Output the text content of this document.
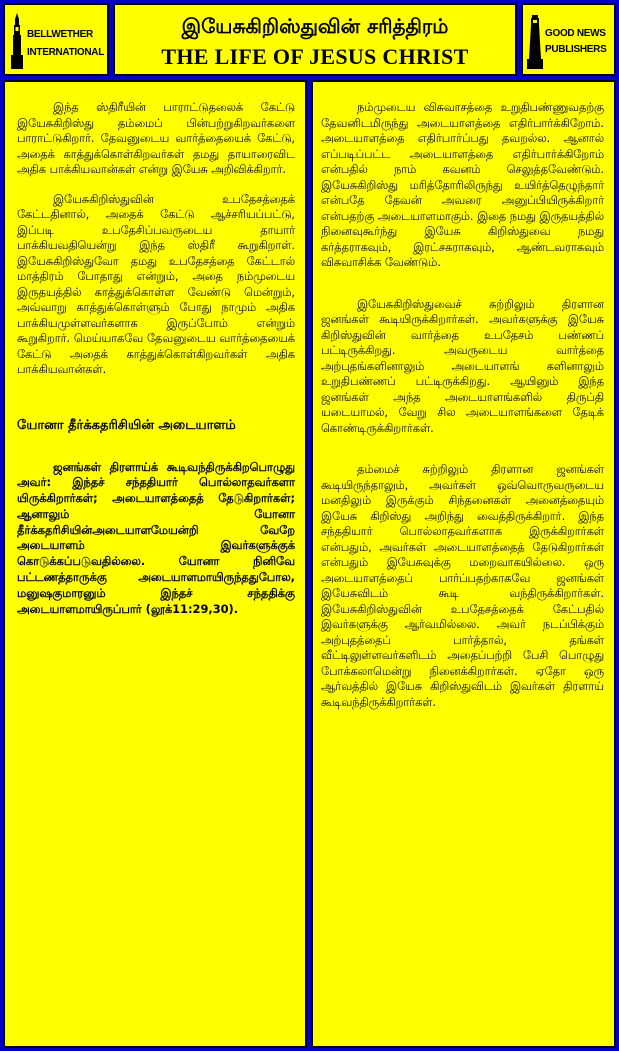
BELLWETHER
INTERNATIONAL
இயேசுகிறிஸ்துவின் சரித்திரம்
THE LIFE OF JESUS CHRIST
GOOD NEWS
PUBLISHERS

இந்த ஸ்திரீயின் பாராட்டுதலைக் கேட்டு இயேசுகிறிஸ்து தம்மைப் பின்பற்றுகிறவர்களை பாராட்டுகிறார். தேவனுடைய வார்த்தையைக் கேட்டு, அதைக் காத்துக்கொள்கிறவர்கள் தமது தாயாரைவிட அதிக பாக்கியவான்கள் என்று இயேசு அறிவிக்கிறார்.

இயேசுகிறிஸ்துவின் உபதேசத்தைக் கேட்டதினால், அதைக் கேட்டு ஆச்சரியப்பட்டு, இப்படி உபதேசிப்பவருடைய தாயார் பாக்கியவதியென்று இந்த ஸ்திரீ கூறுகிறாள். இயேசுகிறிஸ்துவோ தமது உபதேசத்தை கேட்டால் மாத்திரம் போதாது என்றும், அதை நம்முடைய இருதயத்தில் காத்துக்கொள்ள வேண்டு மென்றும், அவ்வாறு காத்துக்கொள்ளும் போது நாமும் அதிக பாக்கியமுள்ளவர்களாக இருப்போம் என்றும் கூறுகிறார். மெய்யாகவே தேவனுடைய வார்த்தையைக் கேட்டு அதைக் காத்துக்கொள்கிறவர்கள் அதிக பாக்கியவான்கள்.

யோனா தீர்க்கதரிசியின் அடையாளம்

ஜனங்கள் திரளாய்க் கூடிவந்திருக்கிறபொழுது அவர்: இந்தச் சந்ததியார் பொல்லாதவர்களா யிருக்கிறார்கள்; அடையாளத்தைத் தேடுகிறார்கள்; ஆனாலும் யோனா தீர்க்கதரிசியின்அடையாளமேயன்றி வேறே அடையாளம் இவர்களுக்குக் கொடுக்கப்படுவதில்லை. யோனா நினிவே பட்டணத்தாருக்கு அடையாளமாயிருந்ததுபோல, மனுஷகுமாரனும் இந்தச் சந்ததிக்கு அடையாளமாயிருப்பார் (லூக்11:29,30).

நம்முடைய விசுவாசத்தை உறுதிபண்ணுவதற்கு தேவனிடமிருந்து அடையாளத்தை எதிர்பார்க்கிறோம். அடையாளத்தை எதிர்பார்ப்பது தவறல்ல. ஆனால் எப்படிப்பட்ட அடையாளத்தை எதிர்பார்க்கிறோம் என்பதில் நாம் கவனம் செலுத்தவேண்டும். இயேசுகிறிஸ்து மரித்தோரிலிருந்து உயிர்த்தெழுந்தார் என்பதே தேவன் அவரை அனுப்பியிருக்கிறார் என்பதற்கு அடையாளமாகும். இதை நமது இருதயத்தில் நினைவுகூர்ந்து இயேசு கிறிஸ்துவை நமது கர்த்தராகவும், இரட்சகராகவும், ஆண்டவராகவும் விசுவாசிக்க வேண்டும்.

இயேசுகிறிஸ்துவைச் சுற்றிலும் திரளான ஜனங்கள் கூடியிருக்கிறார்கள். அவர்களுக்கு இயேசு கிறிஸ்துவின் வார்த்தை உபதேசம் பண்ணப் பட்டிருக்கிறது. அவருடைய வார்த்தை அற்புதங்களினாலும் அடையாளங் களினாலும் உறுதிபண்ணப் பட்டிருக்கிறது. ஆயினும் இந்த ஜனங்கள் அந்த அடையாளங்களில் திருப்தி யடையாமல், வேறு சில அடையாளங்களை தேடிக் கொண்டிருக்கிறார்கள்.

தம்மைச் சுற்றிலும் திரளான ஜனங்கள் கூடியிருந்தாலும், அவர்கள் ஒவ்வொருவருடைய மனதிலும் இருக்கும் சிந்தனைகள் அனைத்தையும் இயேசு கிறிஸ்து அறிந்து வைத்திருக்கிறார். இந்த சந்ததியார் பொல்லாதவர்களாக இருக்கிறார்கள் என்பதும், அவர்கள் அடையாளத்தைத் தேடுகிறார்கள் என்பதும் இயேசுவுக்கு மறைவாகயில்லை. ஒரு அடையாளத்தைப் பார்ப்பதற்காகவே ஜனங்கள் இயேசுவிடம் கூடி வந்திருக்கிறார்கள். இயேசுகிறிஸ்துவின் உபதேசத்தைக் கேட்பதில் இவர்களுக்கு ஆர்வமில்லை. அவர் நடப்பிக்கும் அற்புதத்தைப் பார்த்தால், தங்கள் வீட்டிலுள்ளவர்களிடம் அதைப்பற்றி பேசி பொழுது போக்கலாமென்று நினைக்கிறார்கள். ஏதோ ஒரு ஆர்வத்தில் இயேசு கிறிஸ்துவிடம் இவர்கள் திரளாய் கூடிவந்திருக்கிறார்கள்.
